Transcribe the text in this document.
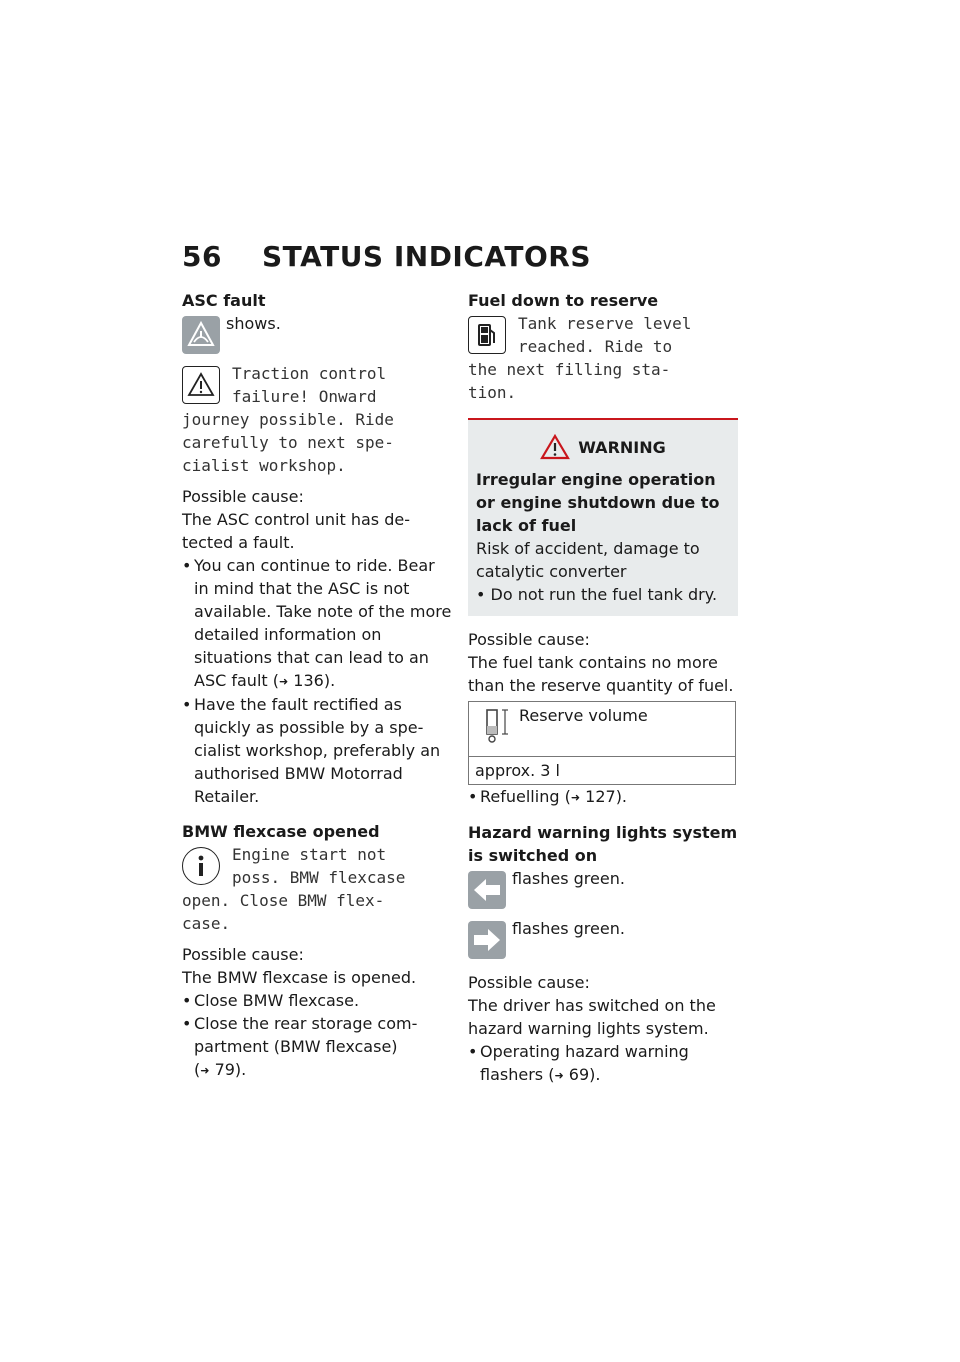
56 STATUS INDICATORS
ASC fault
shows.
Traction control
failure! Onward
journey possible. Ride
carefully to next spe-
cialist workshop.
Possible cause:
The ASC control unit has de-tected a fault.
• You can continue to ride. Bear in mind that the ASC is not available. Take note of the more detailed information on situations that can lead to an ASC fault (➜ 136).
• Have the fault rectified as quickly as possible by a spe-cialist workshop, preferably an authorised BMW Motorrad Retailer.
BMW flexcase opened
Engine start not
poss. BMW flexcase
open. Close BMW flex-
case.
Possible cause:
The BMW flexcase is opened.
• Close BMW flexcase.
• Close the rear storage com-partment (BMW flexcase)
(➜ 79).
Fuel down to reserve
Tank reserve level
reached. Ride to
the next filling sta-
tion.
WARNING
Irregular engine operation or engine shutdown due to lack of fuel
Risk of accident, damage to catalytic converter
• Do not run the fuel tank dry.
Possible cause:
The fuel tank contains no more than the reserve quantity of fuel.
Reserve volume

approx. 3 l
• Refuelling (➜ 127).
Hazard warning lights system is switched on
flashes green.
flashes green.
Possible cause:
The driver has switched on the hazard warning lights system.
• Operating hazard warning flashers (➜ 69).
